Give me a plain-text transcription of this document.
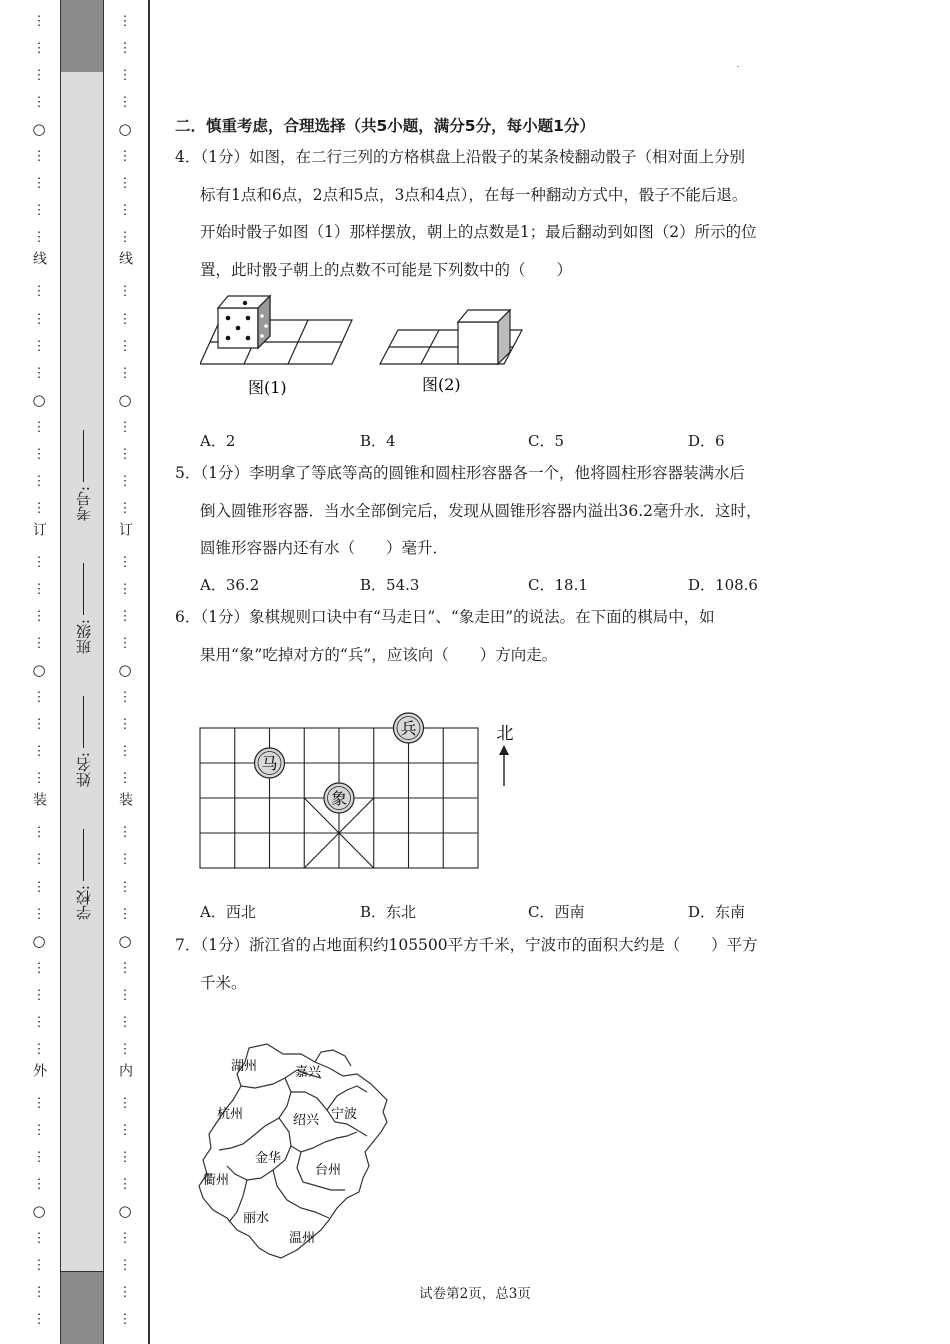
⋮
⋮
⋮
⋮
○
⋮
⋮
⋮
⋮
线
⋮
⋮
⋮
⋮
○
⋮
⋮
⋮
⋮
订
⋮
⋮
⋮
⋮
○
⋮
⋮
⋮
⋮
装
⋮
⋮
⋮
⋮
○
⋮
⋮
⋮
⋮
外
⋮
⋮
⋮
⋮
○
⋮
⋮
⋮
⋮
⋮
⋮
⋮
⋮
○
⋮
⋮
⋮
⋮
线
⋮
⋮
⋮
⋮
○
⋮
⋮
⋮
⋮
订
⋮
⋮
⋮
⋮
○
⋮
⋮
⋮
⋮
装
⋮
⋮
⋮
⋮
○
⋮
⋮
⋮
⋮
内
⋮
⋮
⋮
⋮
○
⋮
⋮
⋮
⋮
学校:
姓名:
班级:
考号:
二．慎重考虑，合理选择（共5小题，满分5分，每小题1分）
4．（1分）如图，在二行三列的方格棋盘上沿骰子的某条棱翻动骰子（相对面上分别
标有1点和6点，2点和5点，3点和4点），在每一种翻动方式中，骰子不能后退。
开始时骰子如图（1）那样摆放，朝上的点数是1；最后翻动到如图（2）所示的位
置，此时骰子朝上的点数不可能是下列数中的（　　）
图(1)	图(2)
A．2	B．4	C．5	D．6
5．（1分）李明拿了等底等高的圆锥和圆柱形容器各一个，他将圆柱形容器装满水后
倒入圆锥形容器．当水全部倒完后，发现从圆锥形容器内溢出36.2毫升水．这时，
圆锥形容器内还有水（　　）毫升．
A．36.2	B．54.3	C．18.1	D．108.6
6．（1分）象棋规则口诀中有“马走日”、“象走田”的说法。在下面的棋局中，如
果用“象”吃掉对方的“兵”，应该向（　　）方向走。
兵
马
象
北
A．西北	B．东北	C．西南	D．东南
7．（1分）浙江省的占地面积约105500平方千米，宁波市的面积大约是（　　）平方
千米。
湖州	嘉兴
杭州	绍兴 宁波
金华
台州
衢州
丽水
温州
试卷第2页，总3页
